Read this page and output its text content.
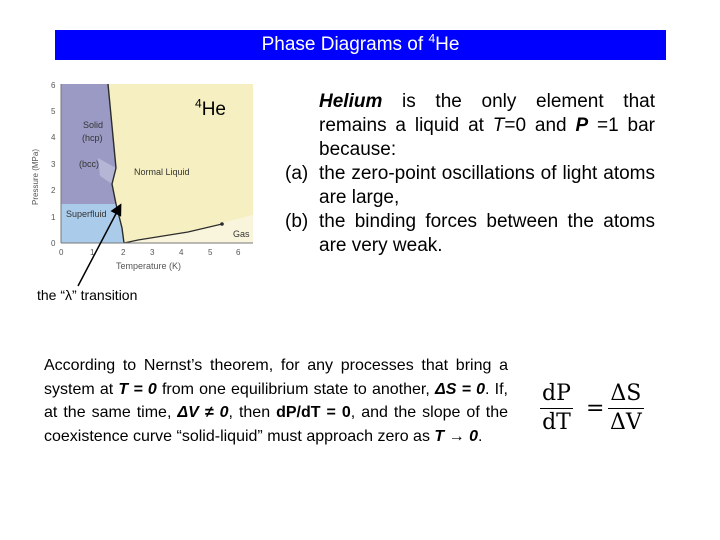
Phase Diagrams of $^4$He
0
1
2
3
4
5
6
0	1	2	3	4	5	6
Temperature (K)
Pressure (MPa)
Solid
(hcp)
(bcc)
Normal Liquid
Superfluid
Gas
$^4$He
the “λ” transition

Helium is the only element that remains a liquid at T=0 and P =1 bar because:

(a) the zero-point oscillations of light atoms are large,
(b) the binding forces between the atoms are very weak.
According to Nernst’s theorem, for any processes that bring a system at T = 0 from one equilibrium state to another, ΔS = 0. If, at the same time, ΔV ≠ 0, then dP/dT = 0, and the slope of the coexistence curve “solid-liquid” must approach zero as T → 0.	$\frac{dP}{dT} = \frac{\Delta S}{\Delta V}$
